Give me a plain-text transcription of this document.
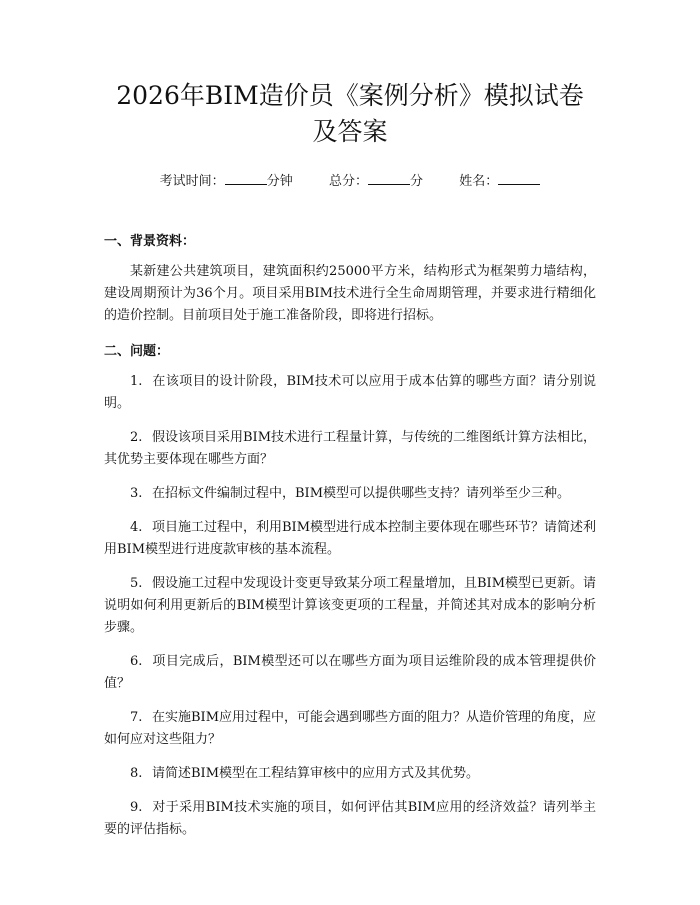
2026年BIM造价员《案例分析》模拟试卷及答案
考试时间：	分钟	总分：	分	姓名：
一、背景资料：

某新建公共建筑项目，建筑面积约25000平方米，结构形式为框架剪力墙结构，建设周期预计为36个月。项目采用BIM技术进行全生命周期管理，并要求进行精细化的造价控制。目前项目处于施工准备阶段，即将进行招标。

二、问题：

1. 在该项目的设计阶段，BIM技术可以应用于成本估算的哪些方面？请分别说明。

2. 假设该项目采用BIM技术进行工程量计算，与传统的二维图纸计算方法相比，其优势主要体现在哪些方面？

3. 在招标文件编制过程中，BIM模型可以提供哪些支持？请列举至少三种。

4. 项目施工过程中，利用BIM模型进行成本控制主要体现在哪些环节？请简述利用BIM模型进行进度款审核的基本流程。

5. 假设施工过程中发现设计变更导致某分项工程量增加，且BIM模型已更新。请说明如何利用更新后的BIM模型计算该变更项的工程量，并简述其对成本的影响分析步骤。

6. 项目完成后，BIM模型还可以在哪些方面为项目运维阶段的成本管理提供价值？

7. 在实施BIM应用过程中，可能会遇到哪些方面的阻力？从造价管理的角度，应如何应对这些阻力？

8. 请简述BIM模型在工程结算审核中的应用方式及其优势。

9. 对于采用BIM技术实施的项目，如何评估其BIM应用的经济效益？请列举主要的评估指标。
